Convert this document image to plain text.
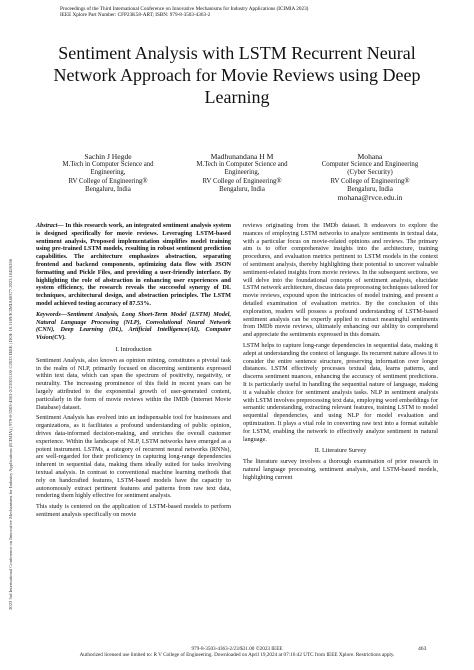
Proceedings of the Third International Conference on Innovative Mechanisms for Industry Applications (ICIMIA 2023)
IEEE Xplore Part Number: CFP23K58-ART; ISBN: 979-8-3503-4363-2
Sentiment Analysis with LSTM Recurrent Neural Network Approach for Movie Reviews using Deep Learning
Sachin J Hegde
M.Tech in Computer Science and
Engineering,
RV College of Engineering®
Bengaluru, India
Madhunandana H M
M.Tech in Computer Science and
Engineering,
RV College of Engineering®
Bengaluru, India
Mohana
Computer Science and Engineering
(Cyber Security)
RV College of Engineering®
Bengaluru, India
mohana@rvce.edu.in

Abstract— In this research work, an integrated sentiment analysis system is designed specifically for movie reviews. Leveraging LSTM-based sentiment analysis, Proposed implementation simplifies model training using pre-trained LSTM models, resulting in robust sentiment prediction capabilities. The architecture emphasizes abstraction, separating frontend and backend components, optimizing data flow with JSON formatting and Pickle Files, and providing a user-friendly interface. By highlighting the role of abstraction in enhancing user experiences and system efficiency, the research reveals the successful synergy of DL techniques, architectural design, and abstraction principles. The LSTM model achieved testing accuracy of 87.53%.

Keywords—Sentiment Analysis, Long Short-Term Model (LSTM) Model, Natural Language Processing (NLP), Convolutional Neural Network (CNN), Deep Learning (DL), Artificial Intelligence(AI), Computer Vision(CV).

I. Introduction

Sentiment Analysis, also known as opinion mining, constitutes a pivotal task in the realm of NLP, primarily focused on discerning sentiments expressed within text data, which can span the spectrum of positivity, negativity, or neutrality. The increasing prominence of this field in recent years can be largely attributed to the exponential growth of user-generated content, particularly in the form of movie reviews within the IMDb (Internet Movie Database) dataset.

Sentiment Analysis has evolved into an indispensable tool for businesses and organizations, as it facilitates a profound understanding of public opinion, drives data-informed decision-making, and enriches the overall customer experience. Within the landscape of NLP, LSTM networks have emerged as a potent instrument. LSTMs, a category of recurrent neural networks (RNNs), are well-regarded for their proficiency in capturing long-range dependencies inherent in sequential data, making them ideally suited for tasks involving textual analysis. In contrast to conventional machine learning methods that rely on handcrafted features, LSTM-based models have the capacity to autonomously extract pertinent features and patterns from raw text data, rendering them highly effective for sentiment analysis.

This study is centered on the application of LSTM-based models to perform sentiment analysis specifically on movie

reviews originating from the IMDb dataset. It endeavors to explore the nuances of employing LSTM networks to analyze sentiments in textual data, with a particular focus on movie-related opinions and reviews. The primary aim is to offer comprehensive insights into the architecture, training procedures, and evaluation metrics pertinent to LSTM models in the context of sentiment analysis, thereby highlighting their potential to uncover valuable sentiment-related insights from movie reviews. In the subsequent sections, we will delve into the foundational concepts of sentiment analysis, elucidate LSTM network architecture, discuss data preprocessing techniques tailored for movie reviews, expound upon the intricacies of model training, and present a detailed examination of evaluation metrics. By the conclusion of this exploration, readers will possess a profound understanding of LSTM-based sentiment analysis can be expertly applied to extract meaningful sentiments from IMDb movie reviews, ultimately enhancing our ability to comprehend and appreciate the sentiments expressed in this domain.

LSTM helps to capture long-range dependencies in sequential data, making it adept at understanding the context of language. Its recurrent nature allows it to consider the entire sentence structure, preserving information over longer distances. LSTM effectively processes textual data, learns patterns, and discerns sentiment nuances, enhancing the accuracy of sentiment predictions. It is particularly useful in handling the sequential nature of language, making it a valuable choice for sentiment analysis tasks. NLP in sentiment analysis with LSTM involves preprocessing text data, employing word embeddings for semantic understanding, extracting relevant features, training LSTM to model sequential dependencies, and using NLP for model evaluation and optimization. It plays a vital role in converting raw text into a format suitable for LSTM, enabling the network to effectively analyze sentiment in natural language.

II. Literature Survey

The literature survey involves a thorough examination of prior research in natural language processing, sentiment analysis, and LSTM-based models, highlighting current

2023 3rd International Conference on Innovative Mechanisms for Industry Applications (ICIMIA) | 979-8-3503-4363-2/23/$31.00 ©2023 IEEE | DOI: 10.1109/ICIMIA60377.2023.10426266
979-8-3503-4363-2/23/$31.00 ©2023 IEEE
Authorized licensed use limited to: R V College of Engineering. Downloaded on April 19,2024 at 07:16:42 UTC from IEEE Xplore. Restrictions apply.
463
